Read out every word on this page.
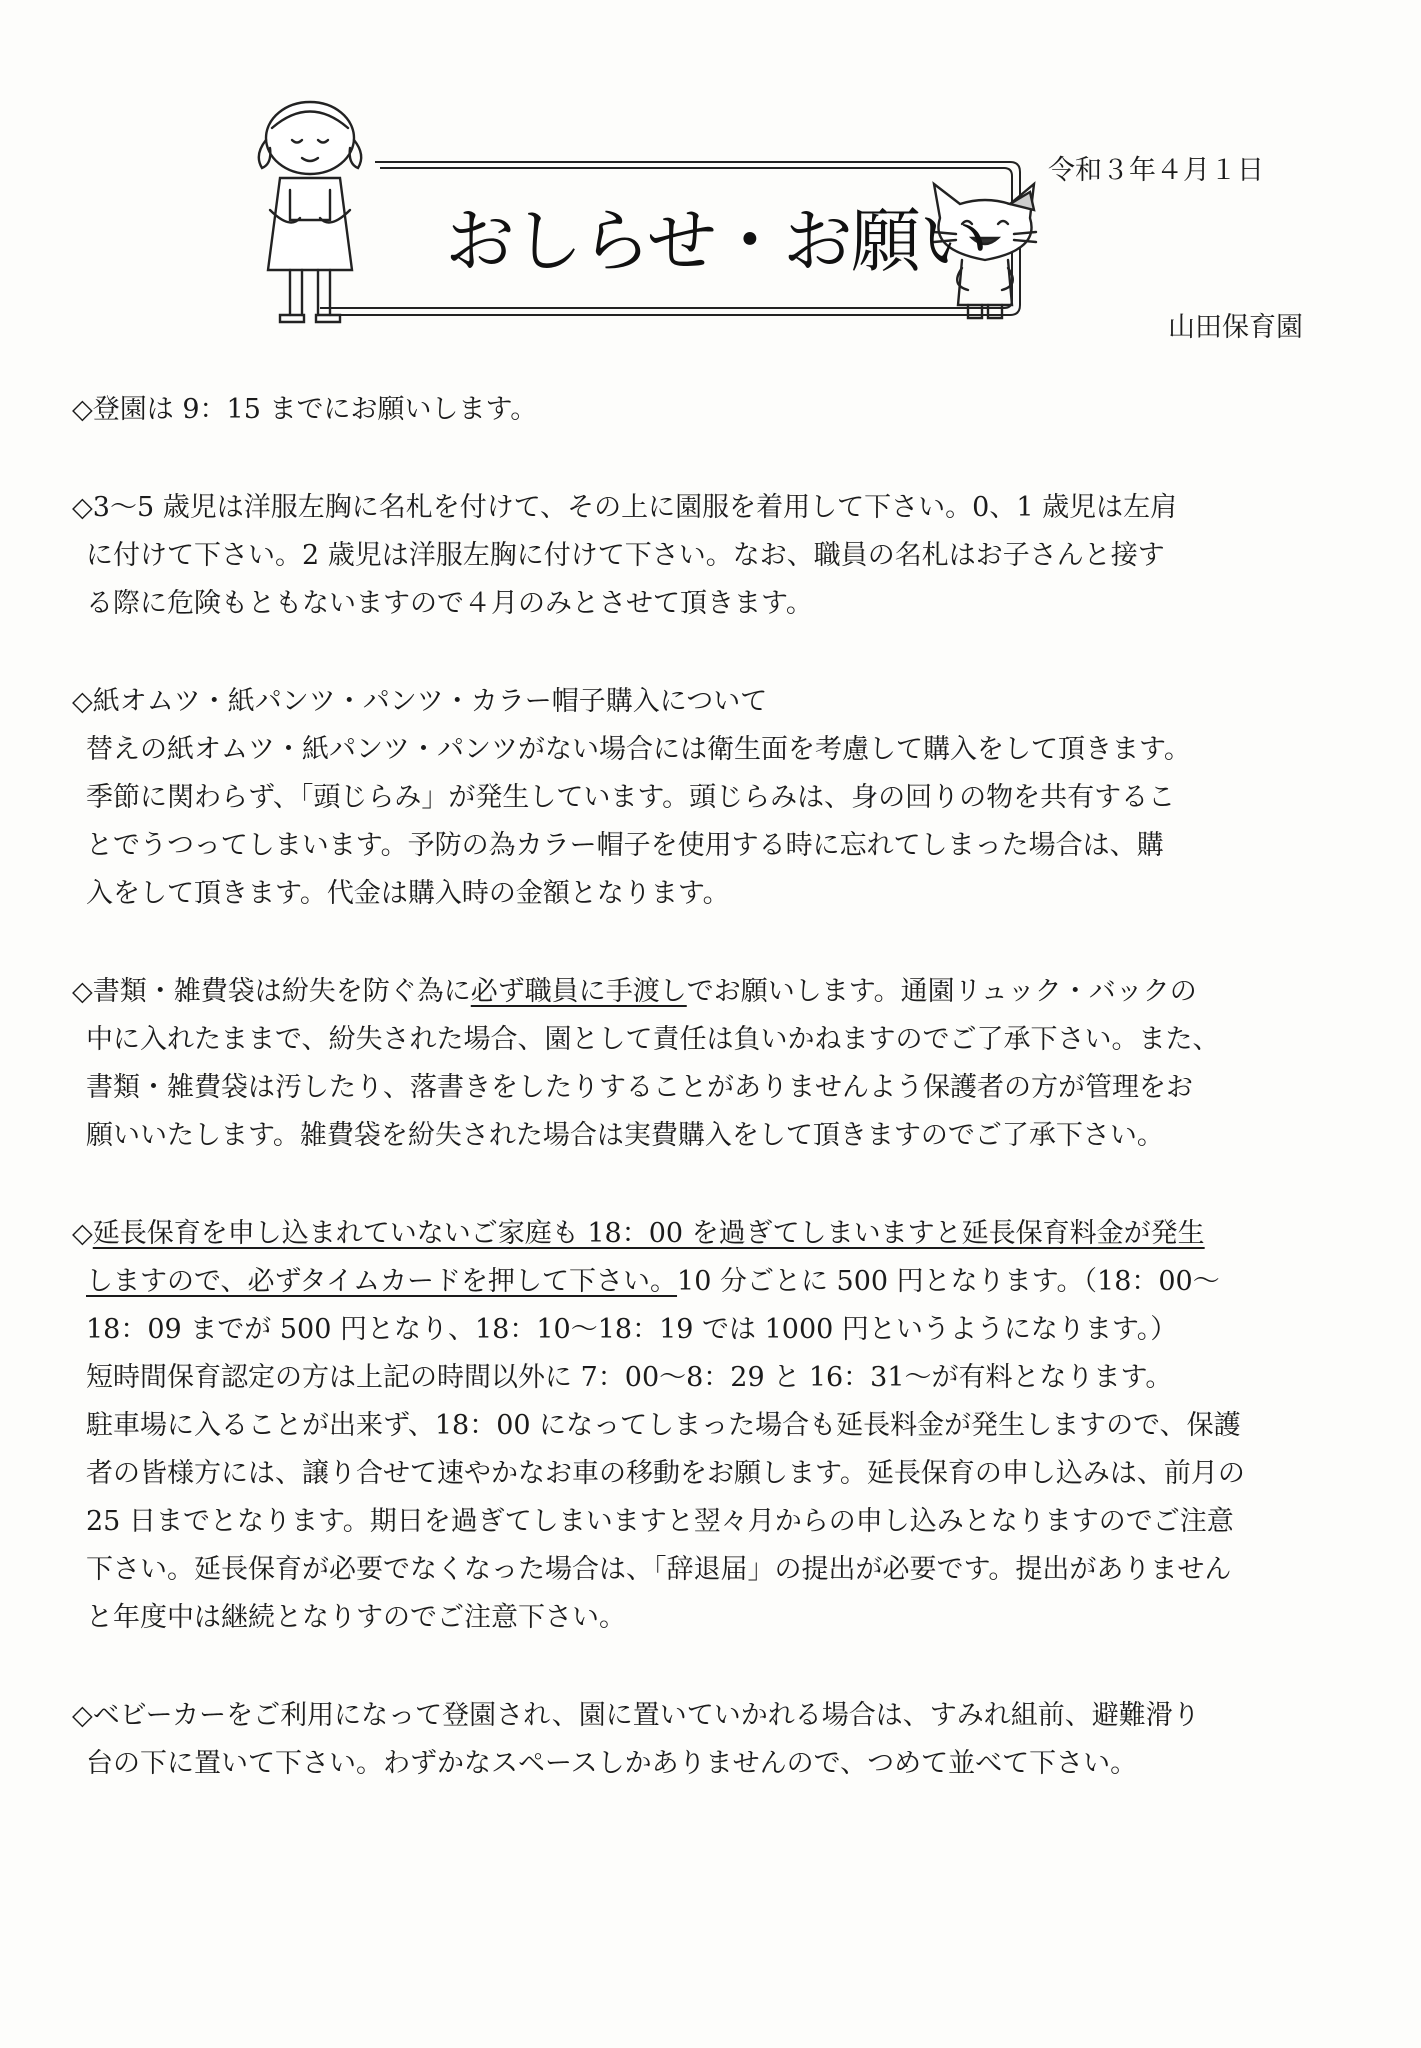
おしらせ・お願い
令和３年４月１日
山田保育園

◇登園は 9：15 までにお願いします。

◇3～5 歳児は洋服左胸に名札を付けて、その上に園服を着用して下さい。0、1 歳児は左肩
に付けて下さい。2 歳児は洋服左胸に付けて下さい。なお、職員の名札はお子さんと接す
る際に危険もともないますので４月のみとさせて頂きます。

◇紙オムツ・紙パンツ・パンツ・カラー帽子購入について
替えの紙オムツ・紙パンツ・パンツがない場合には衛生面を考慮して購入をして頂きます。
季節に関わらず、「頭じらみ」が発生しています。頭じらみは、身の回りの物を共有するこ
とでうつってしまいます。予防の為カラー帽子を使用する時に忘れてしまった場合は、購
入をして頂きます。代金は購入時の金額となります。

◇書類・雑費袋は紛失を防ぐ為に必ず職員に手渡しでお願いします。通園リュック・バックの
中に入れたままで、紛失された場合、園として責任は負いかねますのでご了承下さい。また、
書類・雑費袋は汚したり、落書きをしたりすることがありませんよう保護者の方が管理をお
願いいたします。雑費袋を紛失された場合は実費購入をして頂きますのでご了承下さい。

◇延長保育を申し込まれていないご家庭も 18：00 を過ぎてしまいますと延長保育料金が発生
しますので、必ずタイムカードを押して下さい。10 分ごとに 500 円となります。（18：00～
18：09 までが 500 円となり、18：10～18：19 では 1000 円というようになります。）
短時間保育認定の方は上記の時間以外に 7：00～8：29 と 16：31～が有料となります。
駐車場に入ることが出来ず、18：00 になってしまった場合も延長料金が発生しますので、保護
者の皆様方には、譲り合せて速やかなお車の移動をお願します。延長保育の申し込みは、前月の
25 日までとなります。期日を過ぎてしまいますと翌々月からの申し込みとなりますのでご注意
下さい。延長保育が必要でなくなった場合は、「辞退届」の提出が必要です。提出がありません
と年度中は継続となりすのでご注意下さい。

◇ベビーカーをご利用になって登園され、園に置いていかれる場合は、すみれ組前、避難滑り
台の下に置いて下さい。わずかなスペースしかありませんので、つめて並べて下さい。
